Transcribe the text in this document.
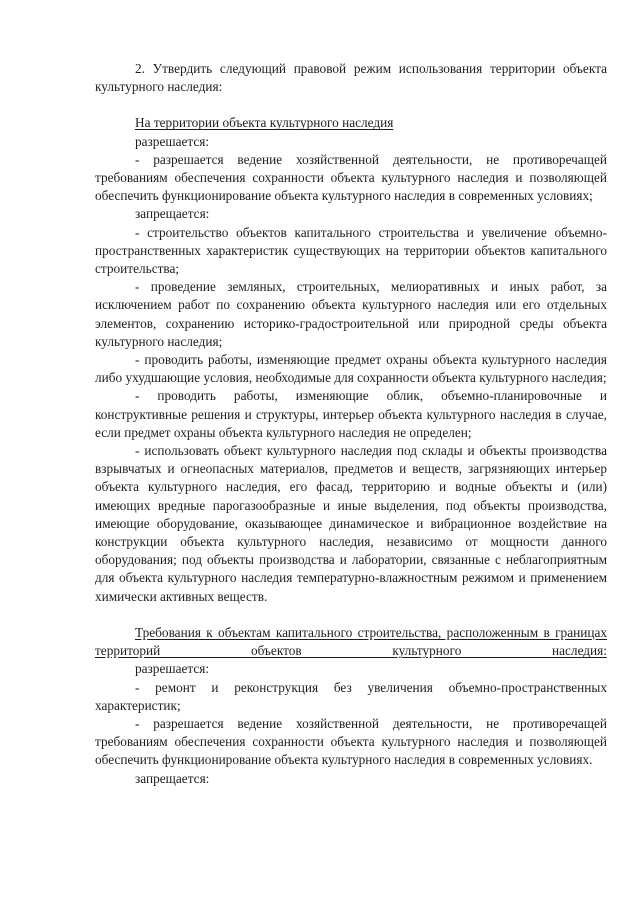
2. Утвердить следующий правовой режим использования территории объекта культурного наследия:

На территории объекта культурного наследия

разрешается:

- разрешается ведение хозяйственной деятельности, не противоречащей требованиям обеспечения сохранности объекта культурного наследия и позволяющей обеспечить функционирование объекта культурного наследия в современных условиях;

запрещается:

- строительство объектов капитального строительства и увеличение объемно-пространственных характеристик существующих на территории объектов капитального строительства;

- проведение земляных, строительных, мелиоративных и иных работ, за исключением работ по сохранению объекта культурного наследия или его отдельных элементов, сохранению историко-градостроительной или природной среды объекта культурного наследия;

- проводить работы, изменяющие предмет охраны объекта культурного наследия либо ухудшающие условия, необходимые для сохранности объекта культурного наследия;

- проводить работы, изменяющие облик, объемно-планировочные и конструктивные решения и структуры, интерьер объекта культурного наследия в случае, если предмет охраны объекта культурного наследия не определен;

- использовать объект культурного наследия под склады и объекты производства взрывчатых и огнеопасных материалов, предметов и веществ, загрязняющих интерьер объекта культурного наследия, его фасад, территорию и водные объекты и (или) имеющих вредные парогазообразные и иные выделения, под объекты производства, имеющие оборудование, оказывающее динамическое и вибрационное воздействие на конструкции объекта культурного наследия, независимо от мощности данного оборудования; под объекты производства и лаборатории, связанные с неблагоприятным для объекта культурного наследия температурно-влажностным режимом и применением химически активных веществ.

Требования к объектам капитального строительства, расположенным в границах территорий объектов культурного наследия:

разрешается:

- ремонт и реконструкция без увеличения объемно-пространственных характеристик;

- разрешается ведение хозяйственной деятельности, не противоречащей требованиям обеспечения сохранности объекта культурного наследия и позволяющей обеспечить функционирование объекта культурного наследия в современных условиях.

запрещается:
